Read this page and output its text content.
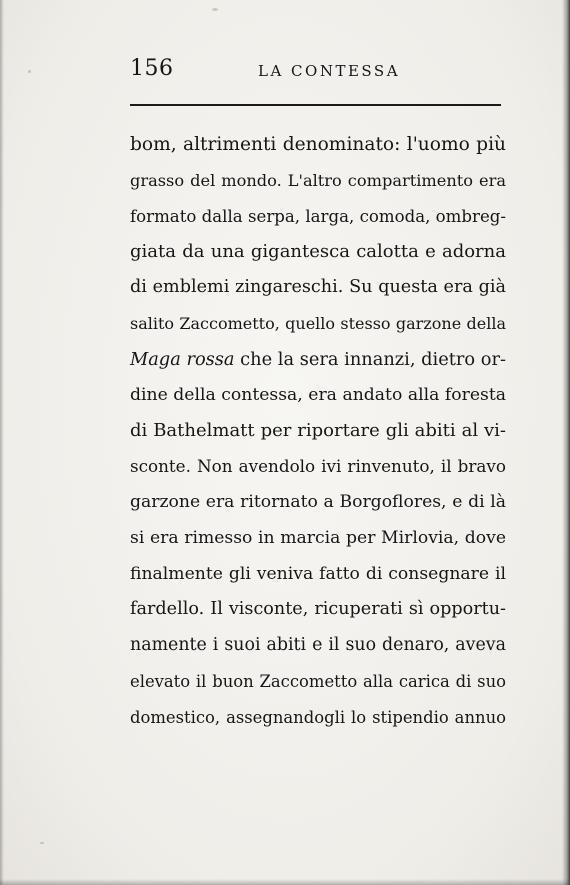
156	LA CONTESSA
bom, altrimenti denominato: l'uomo più
grasso del mondo. L'altro compartimento era
formato dalla serpa, larga, comoda, ombreg-
giata da una gigantesca calotta e adorna
di emblemi zingareschi. Su questa era già
salito Zaccometto, quello stesso garzone della
Maga rossa che la sera innanzi, dietro or-
dine della contessa, era andato alla foresta
di Bathelmatt per riportare gli abiti al vi-
sconte. Non avendolo ivi rinvenuto, il bravo
garzone era ritornato a Borgoflores, e di là
si era rimesso in marcia per Mirlovia, dove
finalmente gli veniva fatto di consegnare il
fardello. Il visconte, ricuperati sì opportu-
namente i suoi abiti e il suo denaro, aveva
elevato il buon Zaccometto alla carica di suo
domestico, assegnandogli lo stipendio annuo
